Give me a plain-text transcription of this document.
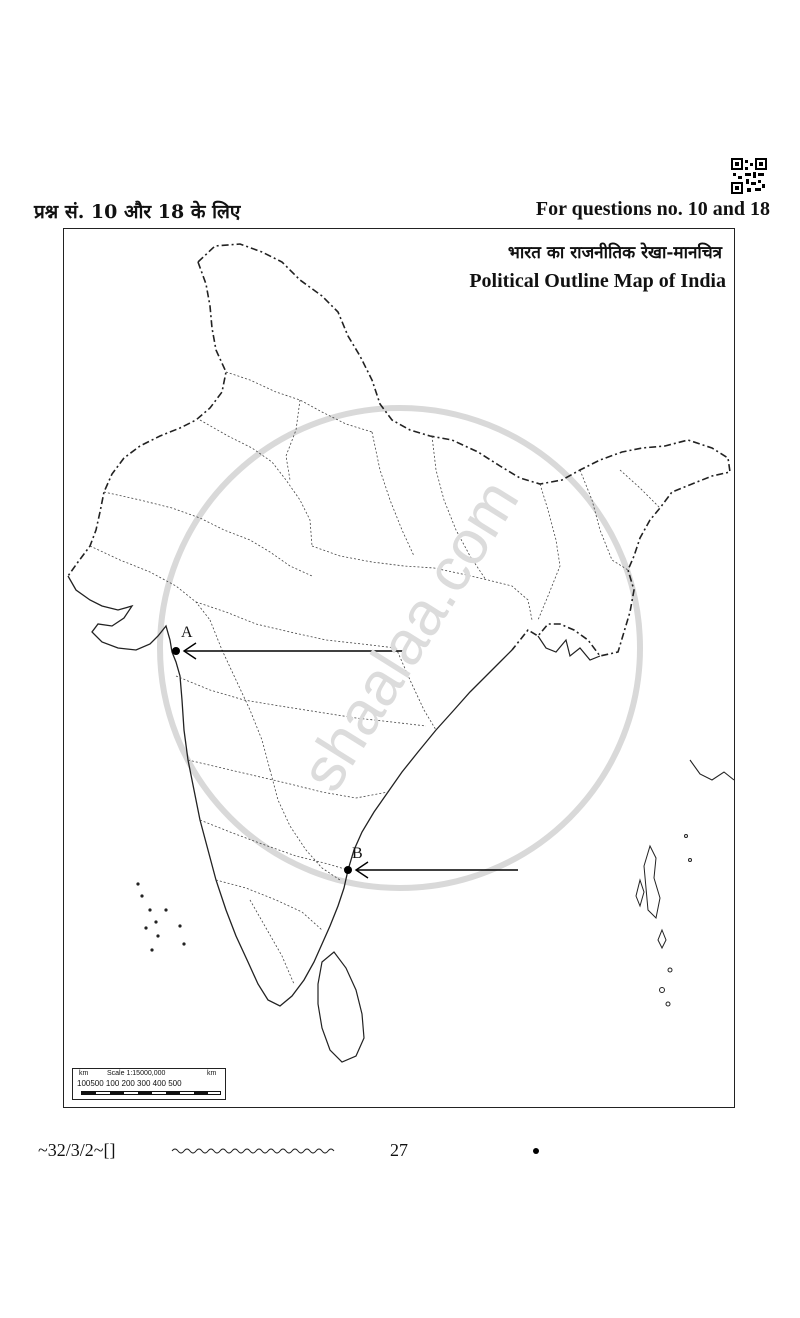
प्रश्न सं. 10 और 18 के लिए	For questions no. 10 and 18
shaalaa.com
A
B
भारत का राजनीतिक रेखा-मानचित्र
Political Outline Map of India
km	Scale 1:15000,000	km
100500 100 200 300 400 500
~32/3/2~[]	27
